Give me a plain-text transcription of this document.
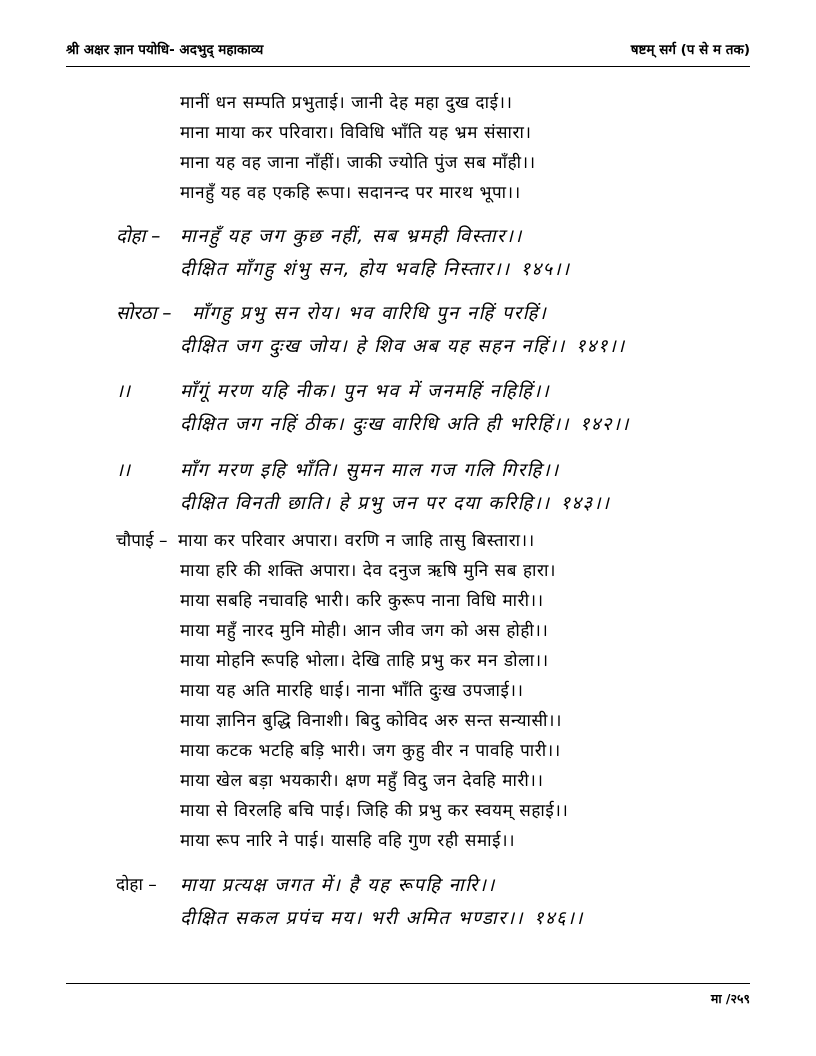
श्री अक्षर ज्ञान पयोधि- अदभुद् महाकाव्य	षष्टम् सर्ग (प से म तक)
मानीं धन सम्पति प्रभुताई। जानी देह महा दुख दाई।।
माना माया कर परिवारा। विविधि भाँति यह भ्रम संसारा।
माना यह वह जाना नाँहीं। जाकी ज्योति पुंज सब माँही।।
मानहुँ यह वह एकहि रूपा। सदानन्द पर मारथ भूपा।।
दोहा – मानहुँ यह जग कुछ नहीं, सब भ्रमही विस्तार।।
दीक्षित माँगहु शंभु सन, होय भवहि निस्तार।। १४५।।
सोरठा – माँगहु प्रभु सन रोय। भव वारिधि पुन नहिं परहिं।
दीक्षित जग दुःख जोय। हे शिव अब यह सहन नहिं।। १४१।।
।।	माँगूं मरण यहि नीक। पुन भव में जनमहिं नहिहिं।।
दीक्षित जग नहिं ठीक। दुःख वारिधि अति ही भरिहिं।। १४२।।
।।	माँग मरण इहि भाँति। सुमन माल गज गलि गिरहि।।
दीक्षित विनती छाति। हे प्रभु जन पर दया करिहि।। १४३।।
चौपाई – माया कर परिवार अपारा। वरणि न जाहि तासु बिस्तारा।।
माया हरि की शक्ति अपारा। देव दनुज ऋषि मुनि सब हारा।
माया सबहि नचावहि भारी। करि कुरूप नाना विधि मारी।।
माया महुँ नारद मुनि मोही। आन जीव जग को अस होही।।
माया मोहनि रूपहि भोला। देखि ताहि प्रभु कर मन डोला।।
माया यह अति मारहि धाई। नाना भाँति दुःख उपजाई।।
माया ज्ञानिन बुद्धि विनाशी। बिदु कोविद अरु सन्त सन्यासी।।
माया कटक भटहि बड़ि भारी। जग कुहु वीर न पावहि पारी।।
माया खेल बड़ा भयकारी। क्षण महुँ विदु जन देवहि मारी।।
माया से विरलहि बचि पाई। जिहि की प्रभु कर स्वयम् सहाई।।
माया रूप नारि ने पाई। यासहि वहि गुण रही समाई।।
दोहा – माया प्रत्यक्ष जगत में। है यह रूपहि नारि।।
दीक्षित सकल प्रपंच मय। भरी अमित भण्डार।। १४६।।
मा /२५९
